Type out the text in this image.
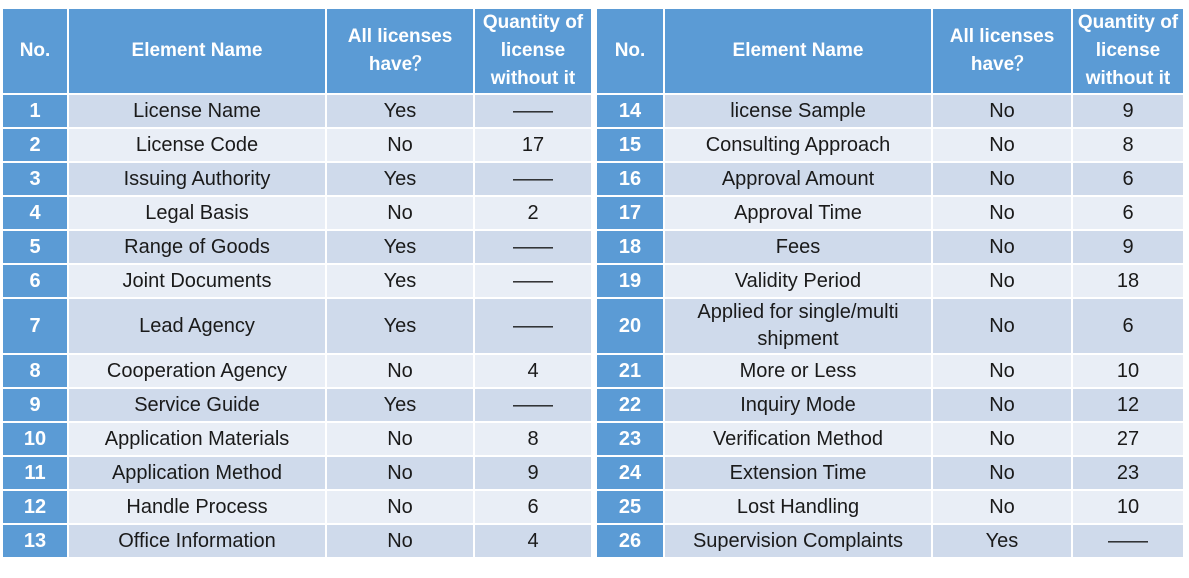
No.	Element Name	All licenses have？	Quantity of license without it
1	License Name	Yes	——
2	License Code	No	17
3	Issuing Authority	Yes	——
4	Legal Basis	No	2
5	Range of Goods	Yes	——
6	Joint Documents	Yes	——
7	Lead Agency	Yes	——
8	Cooperation Agency	No	4
9	Service Guide	Yes	——
10	Application Materials	No	8
11	Application Method	No	9
12	Handle Process	No	6
13	Office Information	No	4
No.	Element Name	All licenses have？	Quantity of license without it
14	license Sample	No	9
15	Consulting Approach	No	8
16	Approval Amount	No	6
17	Approval Time	No	6
18	Fees	No	9
19	Validity Period	No	18
20	Applied for single/multi shipment	No	6
21	More or Less	No	10
22	Inquiry Mode	No	12
23	Verification Method	No	27
24	Extension Time	No	23
25	Lost Handling	No	10
26	Supervision Complaints	Yes	——
